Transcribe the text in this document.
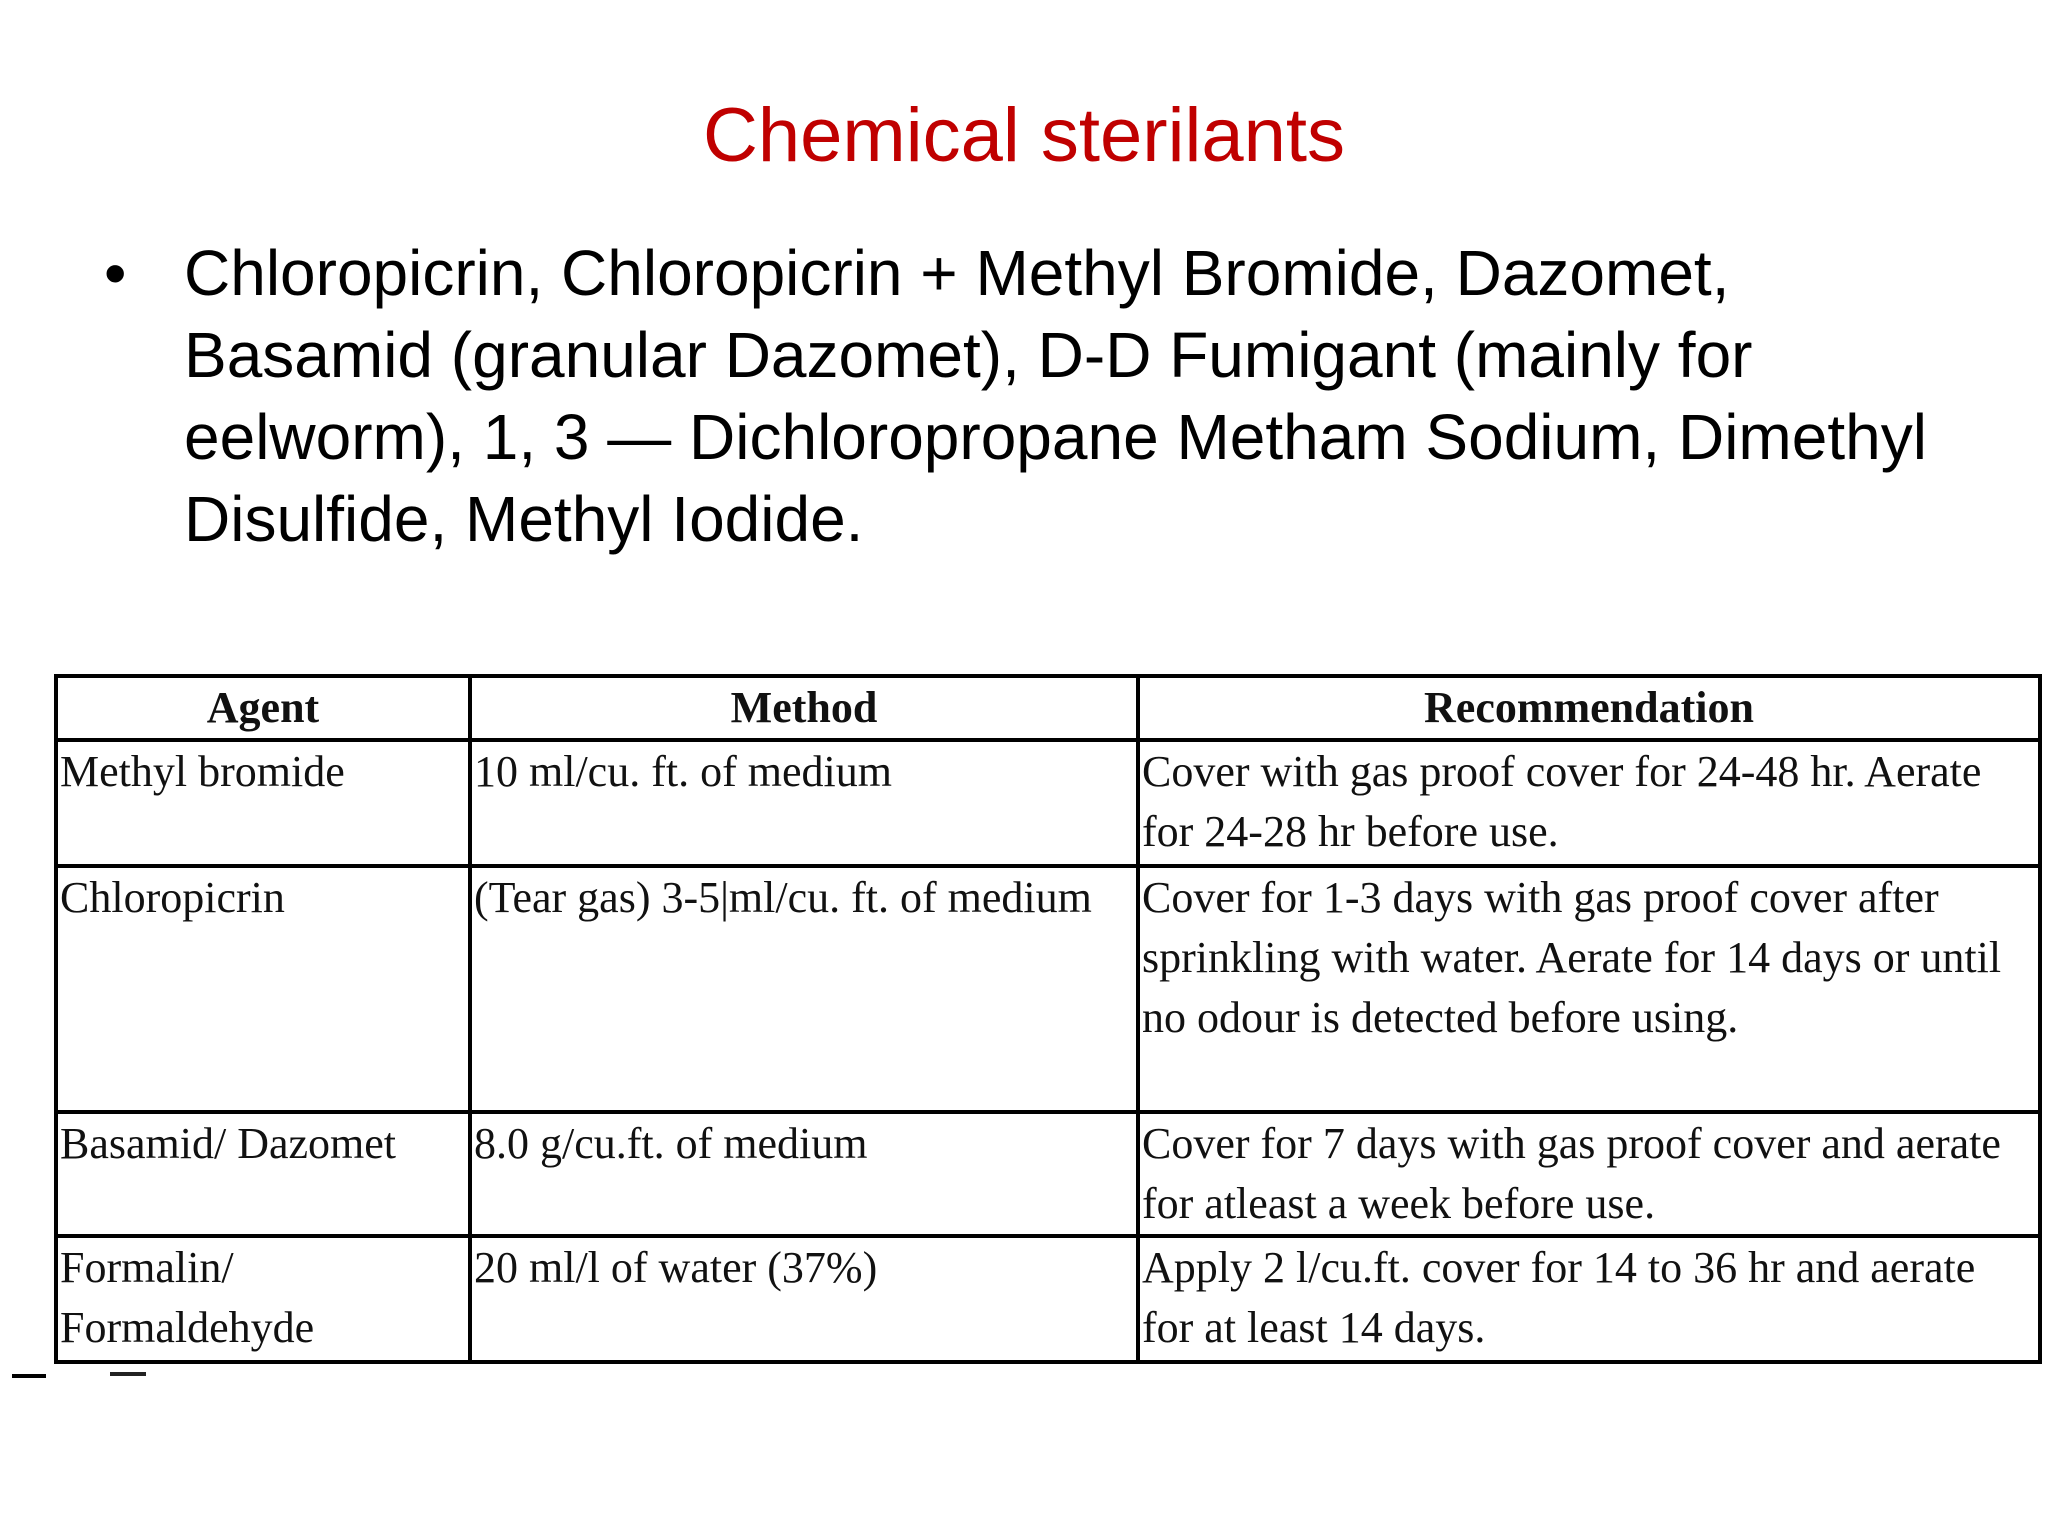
Chemical sterilants
• Chloropicrin, Chloropicrin + Methyl Bromide, Dazomet, Basamid (granular Dazomet), D-D Fumigant (mainly for eelworm), 1, 3 — Dichloropropane Metham Sodium, Dimethyl Disulfide, Methyl Iodide.
Agent	Method	Recommendation
Methyl bromide	10 ml/cu. ft. of medium	Cover with gas proof cover for 24-48 hr. Aerate for 24-28 hr before use.
Chloropicrin	(Tear gas) 3-5|ml/cu. ft. of medium	Cover for 1-3 days with gas proof cover after sprinkling with water. Aerate for 14 days or until no odour is detected before using.
Basamid/ Dazomet	8.0 g/cu.ft. of medium	Cover for 7 days with gas proof cover and aerate for atleast a week before use.
Formalin/ Formaldehyde	20 ml/l of water (37%)	Apply 2 l/cu.ft. cover for 14 to 36 hr and aerate for at least 14 days.
